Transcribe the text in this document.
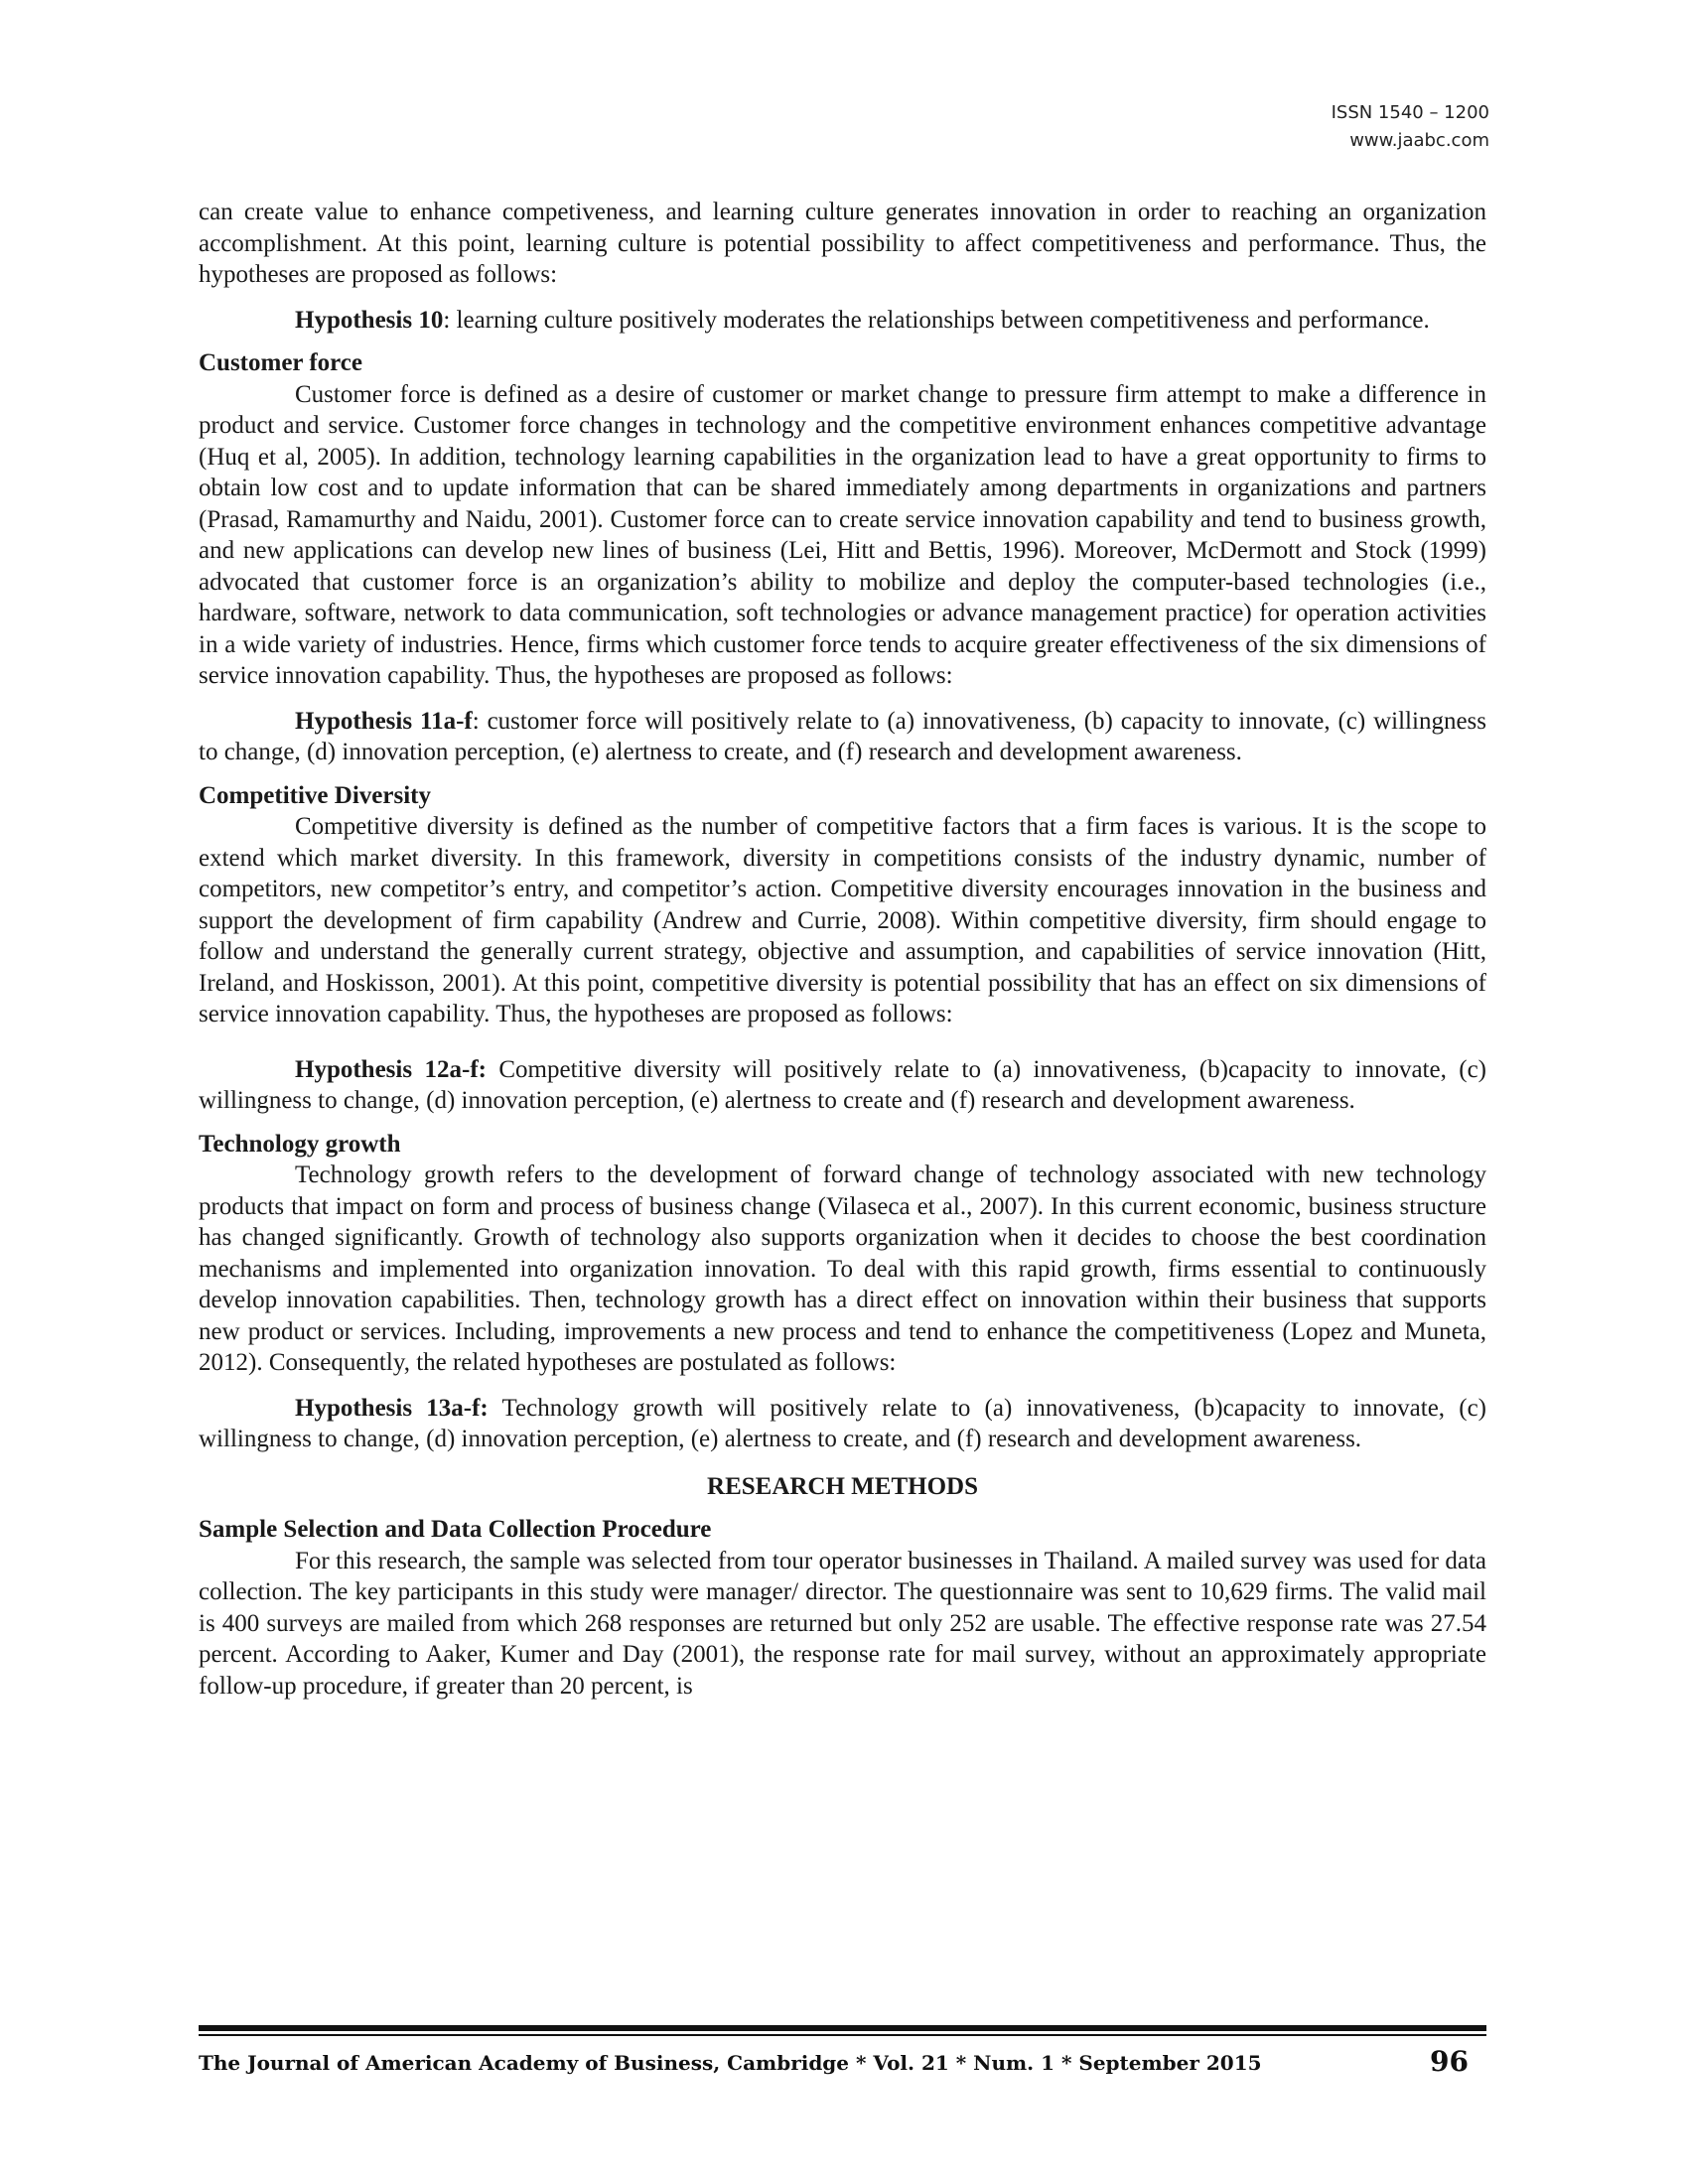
ISSN 1540 – 1200
www.jaabc.com

can create value to enhance competiveness, and learning culture generates innovation in order to reaching an organization accomplishment. At this point, learning culture is potential possibility to affect competitiveness and performance. Thus, the hypotheses are proposed as follows:

Hypothesis 10: learning culture positively moderates the relationships between competitiveness and performance.

Customer force

Customer force is defined as a desire of customer or market change to pressure firm attempt to make a difference in product and service. Customer force changes in technology and the competitive environment enhances competitive advantage (Huq et al, 2005). In addition, technology learning capabilities in the organization lead to have a great opportunity to firms to obtain low cost and to update information that can be shared immediately among departments in organizations and partners (Prasad, Ramamurthy and Naidu, 2001). Customer force can to create service innovation capability and tend to business growth, and new applications can develop new lines of business (Lei, Hitt and Bettis, 1996). Moreover, McDermott and Stock (1999) advocated that customer force is an organization’s ability to mobilize and deploy the computer-based technologies (i.e., hardware, software, network to data communication, soft technologies or advance management practice) for operation activities in a wide variety of industries. Hence, firms which customer force tends to acquire greater effectiveness of the six dimensions of service innovation capability. Thus, the hypotheses are proposed as follows:

Hypothesis 11a-f: customer force will positively relate to (a) innovativeness, (b) capacity to innovate, (c) willingness to change, (d) innovation perception, (e) alertness to create, and (f) research and development awareness.

Competitive Diversity

Competitive diversity is defined as the number of competitive factors that a firm faces is various. It is the scope to extend which market diversity. In this framework, diversity in competitions consists of the industry dynamic, number of competitors, new competitor’s entry, and competitor’s action. Competitive diversity encourages innovation in the business and support the development of firm capability (Andrew and Currie, 2008). Within competitive diversity, firm should engage to follow and understand the generally current strategy, objective and assumption, and capabilities of service innovation (Hitt, Ireland, and Hoskisson, 2001). At this point, competitive diversity is potential possibility that has an effect on six dimensions of service innovation capability. Thus, the hypotheses are proposed as follows:

Hypothesis 12a-f: Competitive diversity will positively relate to (a) innovativeness, (b)capacity to innovate, (c) willingness to change, (d) innovation perception, (e) alertness to create and (f) research and development awareness.

Technology growth

Technology growth refers to the development of forward change of technology associated with new technology products that impact on form and process of business change (Vilaseca et al., 2007). In this current economic, business structure has changed significantly. Growth of technology also supports organization when it decides to choose the best coordination mechanisms and implemented into organization innovation. To deal with this rapid growth, firms essential to continuously develop innovation capabilities. Then, technology growth has a direct effect on innovation within their business that supports new product or services. Including, improvements a new process and tend to enhance the competitiveness (Lopez and Muneta, 2012). Consequently, the related hypotheses are postulated as follows:

Hypothesis 13a-f: Technology growth will positively relate to (a) innovativeness, (b)capacity to innovate, (c) willingness to change, (d) innovation perception, (e) alertness to create, and (f) research and development awareness.

RESEARCH METHODS
Sample Selection and Data Collection Procedure

For this research, the sample was selected from tour operator businesses in Thailand. A mailed survey was used for data collection. The key participants in this study were manager/ director. The questionnaire was sent to 10,629 firms. The valid mail is 400 surveys are mailed from which 268 responses are returned but only 252 are usable. The effective response rate was 27.54 percent. According to Aaker, Kumer and Day (2001), the response rate for mail survey, without an approximately appropriate follow-up procedure, if greater than 20 percent, is

The Journal of American Academy of Business, Cambridge * Vol. 21 * Num. 1 * September 2015	96
